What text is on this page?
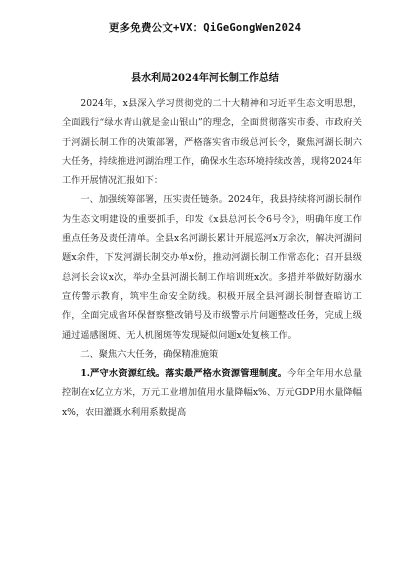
更多免费公文+VX：QiGeGongWen2024
县水利局2024年河长制工作总结

2024年，x县深入学习贯彻党的二十大精神和习近平生态文明思想，全面践行“绿水青山就是金山银山”的理念，全面贯彻落实市委、市政府关于河湖长制工作的决策部署，严格落实省市级总河长令，聚焦河湖长制六大任务，持续推进河湖治理工作，确保水生态环境持续改善，现将2024年工作开展情况汇报如下：

一、加强统筹部署，压实责任链条。2024年，我县持续将河湖长制作为生态文明建设的重要抓手，印发《x县总河长令6号令》，明确年度工作重点任务及责任清单。全县x名河湖长累计开展巡河x万余次，解决河湖问题x余件，下发河湖长制交办单x份，推动河湖长制工作常态化；召开县级总河长会议x次，举办全县河湖长制工作培训班x次。多措并举做好防溺水宣传警示教育，筑牢生命安全防线。积极开展全县河湖长制督查暗访工作，全面完成省环保督察整改销号及市级警示片问题整改任务，完成上级通过遥感图斑、无人机图斑等发现疑似问题x处复核工作。

二、聚焦六大任务，确保精准施策

1.严守水资源红线。落实最严格水资源管理制度。今年全年用水总量控制在x亿立方米，万元工业增加值用水量降幅x%、万元GDP用水量降幅x%，农田灌溉水利用系数提高
